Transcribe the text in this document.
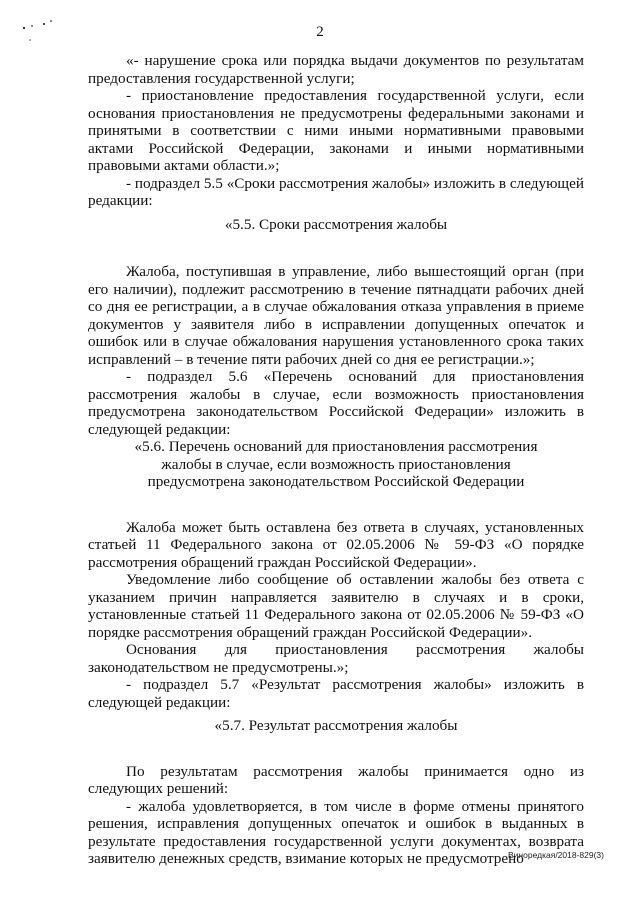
2

«- нарушение срока или порядка выдачи документов по результатам предоставления государственной услуги;

- приостановление предоставления государственной услуги, если основания приостановления не предусмотрены федеральными законами и принятыми в соответствии с ними иными нормативными правовыми актами Российской Федерации, законами и иными нормативными правовыми актами области.»;

- подраздел 5.5 «Сроки рассмотрения жалобы» изложить в следующей редакции:

«5.5. Сроки рассмотрения жалобы

Жалоба, поступившая в управление, либо вышестоящий орган (при его наличии), подлежит рассмотрению в течение пятнадцати рабочих дней со дня ее регистрации, а в случае обжалования отказа управления в приеме документов у заявителя либо в исправлении допущенных опечаток и ошибок или в случае обжалования нарушения установленного срока таких исправлений – в течение пяти рабочих дней со дня ее регистрации.»;

- подраздел 5.6 «Перечень оснований для приостановления рассмотрения жалобы в случае, если возможность приостановления предусмотрена законодательством Российской Федерации» изложить в следующей редакции:

«5.6. Перечень оснований для приостановления рассмотрения

жалобы в случае, если возможность приостановления

предусмотрена законодательством Российской Федерации

Жалоба может быть оставлена без ответа в случаях, установленных статьей 11 Федерального закона от 02.05.2006 № 59-ФЗ «О порядке рассмотрения обращений граждан Российской Федерации».

Уведомление либо сообщение об оставлении жалобы без ответа с указанием причин направляется заявителю в случаях и в сроки, установленные статьей 11 Федерального закона от 02.05.2006 № 59-ФЗ «О порядке рассмотрения обращений граждан Российской Федерации».

Основания для приостановления рассмотрения жалобы законодательством не предусмотрены.»;

- подраздел 5.7 «Результат рассмотрения жалобы» изложить в следующей редакции:

«5.7. Результат рассмотрения жалобы

По результатам рассмотрения жалобы принимается одно из следующих решений:

- жалоба удовлетворяется, в том числе в форме отмены принятого решения, исправления допущенных опечаток и ошибок в выданных в результате предоставления государственной услуги документах, возврата заявителю денежных средств, взимание которых не предусмотрено

Виноредкая/2018-829(3)
